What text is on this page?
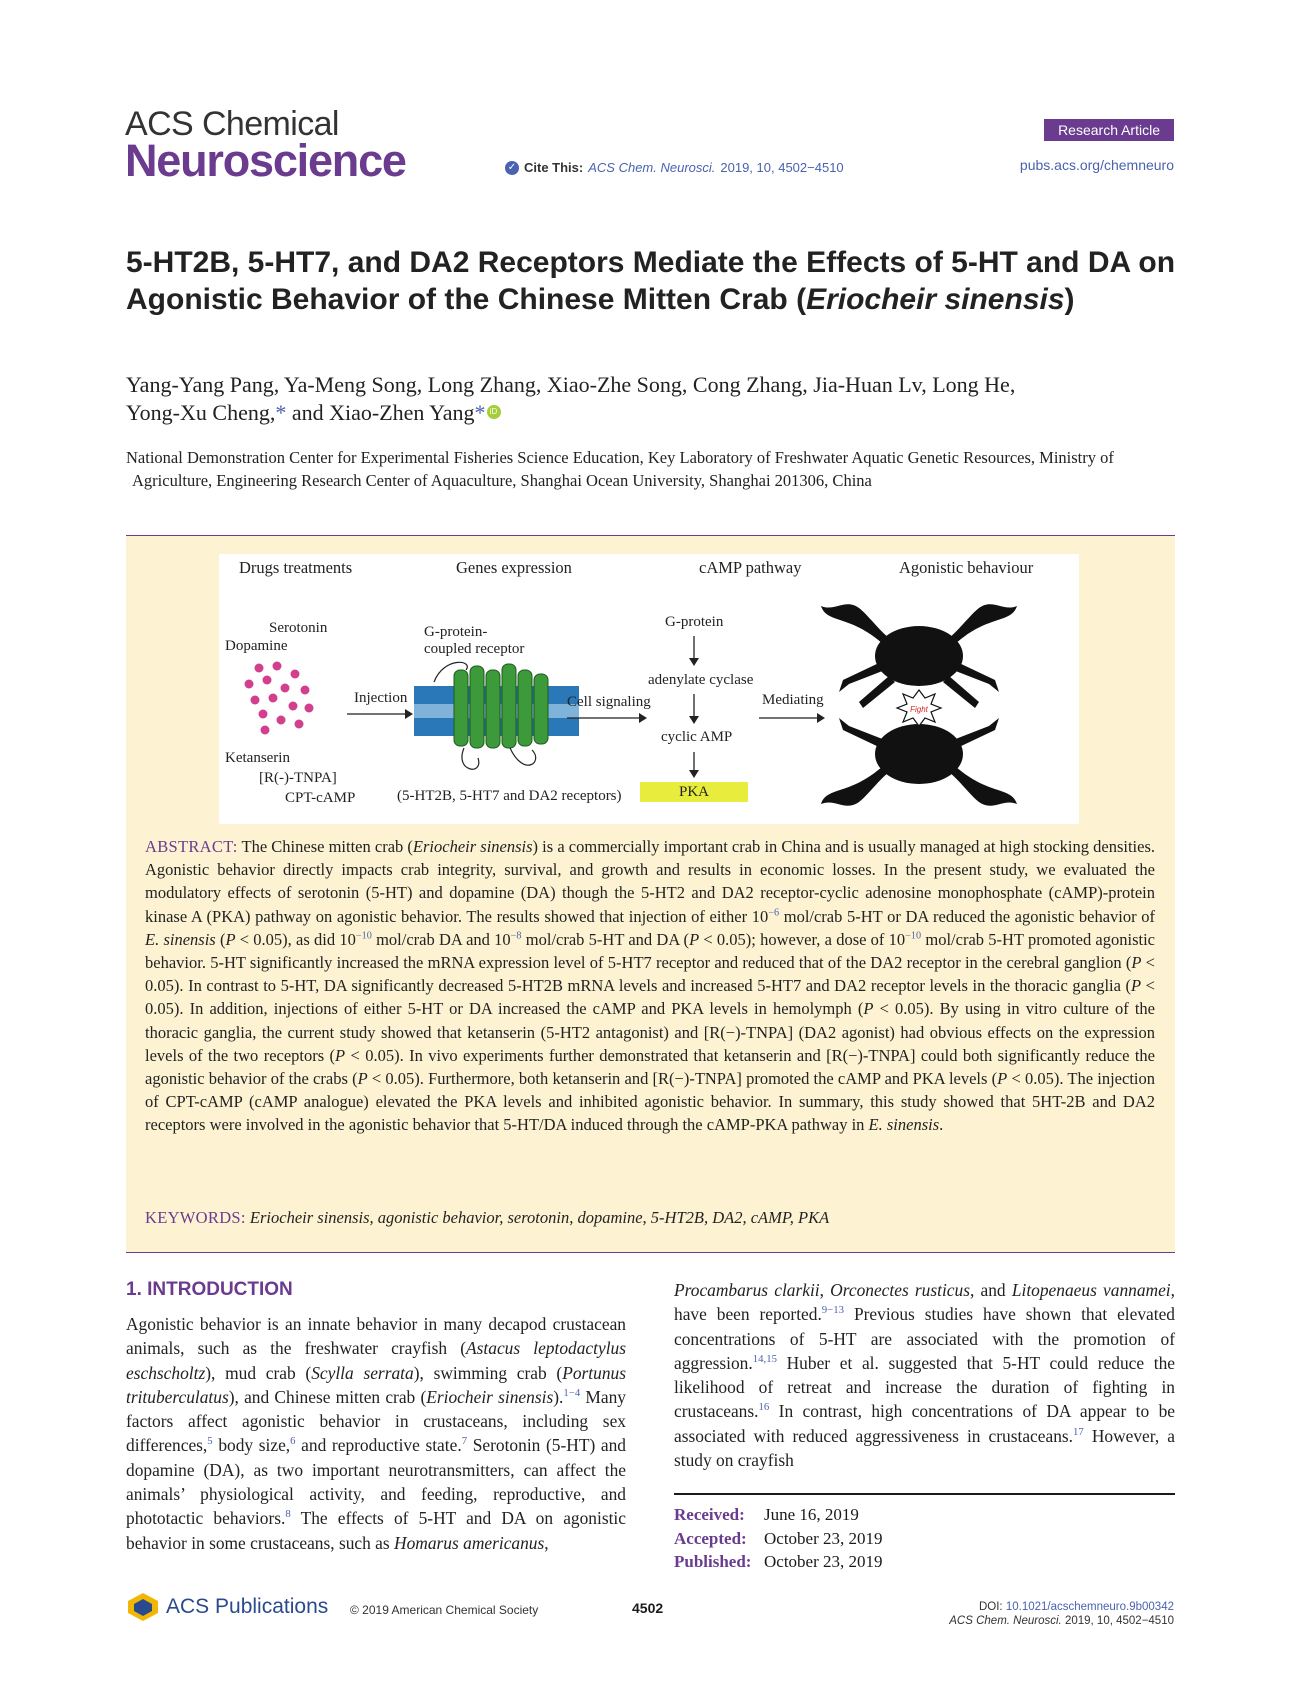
ACS Chemical
Neuroscience	✓ Cite This: ACS Chem. Neurosci. 2019, 10, 4502−4510
Research Article
pubs.acs.org/chemneuro
5-HT2B, 5-HT7, and DA2 Receptors Mediate the Effects of 5-HT and DA on Agonistic Behavior of the Chinese Mitten Crab (Eriocheir sinensis)
Yang-Yang Pang, Ya-Meng Song, Long Zhang, Xiao-Zhe Song, Cong Zhang, Jia-Huan Lv, Long He,
Yong-Xu Cheng,* and Xiao-Zhen Yang* iD
National Demonstration Center for Experimental Fisheries Science Education, Key Laboratory of Freshwater Aquatic Genetic Resources, Ministry of Agriculture, Engineering Research Center of Aquaculture, Shanghai Ocean University, Shanghai 201306, China
Drugs treatments	Genes expression	cAMP pathway	Agonistic behaviour
Serotonin
Dopamine
Ketanserin
[R(-)-TNPA]
CPT-cAMP
Injection
G-protein-coupled receptor
(5-HT2B, 5-HT7 and DA2 receptors)
Cell signaling
G-protein
adenylate cyclase
cyclic AMP
PKA
Mediating
Fight
ABSTRACT: The Chinese mitten crab (Eriocheir sinensis) is a commercially important crab in China and is usually managed at high stocking densities. Agonistic behavior directly impacts crab integrity, survival, and growth and results in economic losses. In the present study, we evaluated the modulatory effects of serotonin (5-HT) and dopamine (DA) though the 5-HT2 and DA2 receptor-cyclic adenosine monophosphate (cAMP)-protein kinase A (PKA) pathway on agonistic behavior. The results showed that injection of either $10^{-6}$ mol/crab 5-HT or DA reduced the agonistic behavior of E. sinensis (P < 0.05), as did $10^{-10}$ mol/crab DA and $10^{-8}$ mol/crab 5-HT and DA (P < 0.05); however, a dose of $10^{-10}$ mol/crab 5-HT promoted agonistic behavior. 5-HT significantly increased the mRNA expression level of 5-HT7 receptor and reduced that of the DA2 receptor in the cerebral ganglion (P < 0.05). In contrast to 5-HT, DA significantly decreased 5-HT2B mRNA levels and increased 5-HT7 and DA2 receptor levels in the thoracic ganglia (P < 0.05). In addition, injections of either 5-HT or DA increased the cAMP and PKA levels in hemolymph (P < 0.05). By using in vitro culture of the thoracic ganglia, the current study showed that ketanserin (5-HT2 antagonist) and [R(−)-TNPA] (DA2 agonist) had obvious effects on the expression levels of the two receptors (P < 0.05). In vivo experiments further demonstrated that ketanserin and [R(−)-TNPA] could both significantly reduce the agonistic behavior of the crabs (P < 0.05). Furthermore, both ketanserin and [R(−)-TNPA] promoted the cAMP and PKA levels (P < 0.05). The injection of CPT-cAMP (cAMP analogue) elevated the PKA levels and inhibited agonistic behavior. In summary, this study showed that 5HT-2B and DA2 receptors were involved in the agonistic behavior that 5-HT/DA induced through the cAMP-PKA pathway in E. sinensis.
KEYWORDS: Eriocheir sinensis, agonistic behavior, serotonin, dopamine, 5-HT2B, DA2, cAMP, PKA
1. INTRODUCTION
Agonistic behavior is an innate behavior in many decapod crustacean animals, such as the freshwater crayfish (Astacus leptodactylus eschscholtz), mud crab (Scylla serrata), swimming crab (Portunus trituberculatus), and Chinese mitten crab (Eriocheir sinensis).$^{1-4}$ Many factors affect agonistic behavior in crustaceans, including sex differences,$^5$ body size,$^6$ and reproductive state.$^7$ Serotonin (5-HT) and dopamine (DA), as two important neurotransmitters, can affect the animals’ physiological activity, and feeding, reproductive, and phototactic behaviors.$^8$ The effects of 5-HT and DA on agonistic behavior in some crustaceans, such as Homarus americanus,
Procambarus clarkii, Orconectes rusticus, and Litopenaeus vannamei, have been reported.$^{9-13}$ Previous studies have shown that elevated concentrations of 5-HT are associated with the promotion of aggression.$^{14,15}$ Huber et al. suggested that 5-HT could reduce the likelihood of retreat and increase the duration of fighting in crustaceans.$^{16}$ In contrast, high concentrations of DA appear to be associated with reduced aggressiveness in crustaceans.$^{17}$ However, a study on crayfish
Received:	June 16, 2019
Accepted:	October 23, 2019
Published: October 23, 2019
ACS Publications © 2019 American Chemical Society	4502	DOI: 10.1021/acschemneuro.9b00342
ACS Chem. Neurosci. 2019, 10, 4502−4510
